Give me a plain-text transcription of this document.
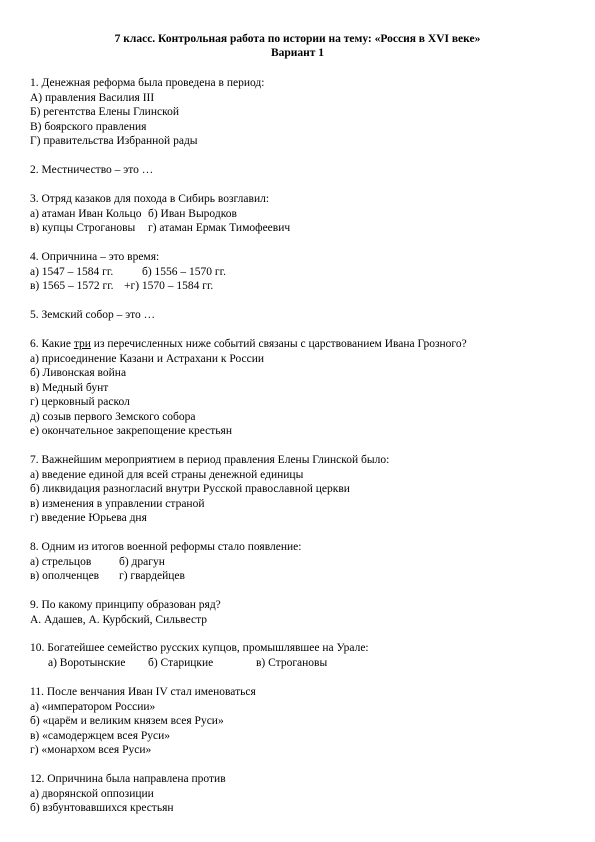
7 класс. Контрольная работа по истории на тему: «Россия в XVI веке»
Вариант 1
1. Денежная реформа была проведена в период:
А) правления Василия III
Б) регентства Елены Глинской
В) боярского правления
Г) правительства Избранной рады
2. Местничество – это …
3. Отряд казаков для похода в Сибирь возглавил:
а) атаман Иван Кольцо б) Иван Выродков
в) купцы Строгановы г) атаман Ермак Тимофеевич
4. Опричнина – это время:
а) 1547 – 1584 гг.	б) 1556 – 1570 гг.
в) 1565 – 1572 гг. +г) 1570 – 1584 гг.
5. Земский собор – это …
6. Какие три из перечисленных ниже событий связаны с царствованием Ивана Грозного?
а) присоединение Казани и Астрахани к России
б) Ливонская война
в) Медный бунт
г) церковный раскол
д) созыв первого Земского собора
е) окончательное закрепощение крестьян
7. Важнейшим мероприятием в период правления Елены Глинской было:
а) введение единой для всей страны денежной единицы
б) ликвидация разногласий внутри Русской православной церкви
в) изменения в управлении страной
г) введение Юрьева дня
8. Одним из итогов военной реформы стало появление:
а) стрельцов б) драгун
в) ополченцев г) гвардейцев
9. По какому принципу образован ряд?
А. Адашев, А. Курбский, Сильвестр
10. Богатейшее семейство русских купцов, промышлявшее на Урале:
а) Воротынские б) Старицкие	в) Строгановы
11. После венчания Иван IV стал именоваться
а) «императором России»
б) «царём и великим князем всея Руси»
в) «самодержцем всея Руси»
г) «монархом всея Руси»
12. Опричнина была направлена против
а) дворянской оппозиции
б) взбунтовавшихся крестьян
